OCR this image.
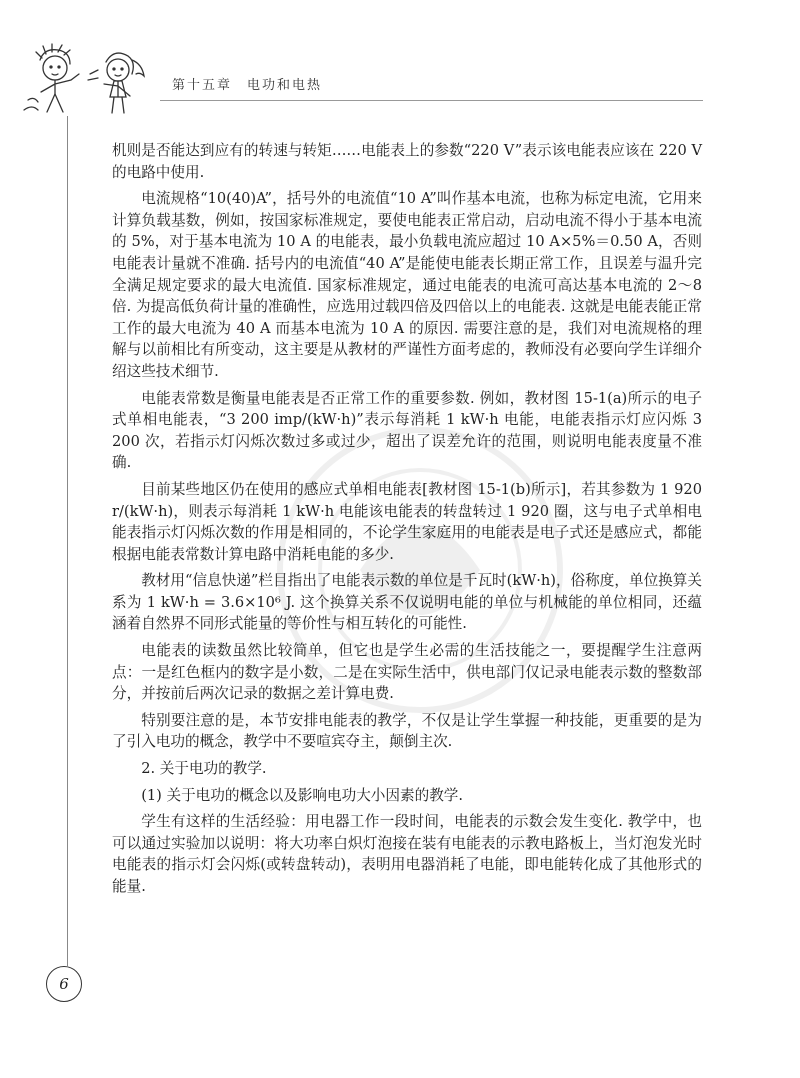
第十五章　电功和电热

机则是否能达到应有的转速与转矩……电能表上的参数“220 V”表示该电能表应该在 220 V 的电路中使用.

电流规格“10(40)A”，括号外的电流值“10 A”叫作基本电流，也称为标定电流，它用来计算负载基数，例如，按国家标准规定，要使电能表正常启动，启动电流不得小于基本电流的 5%，对于基本电流为 10 A 的电能表，最小负载电流应超过 10 A×5%＝0.50 A，否则电能表计量就不准确. 括号内的电流值“40 A”是能使电能表长期正常工作，且误差与温升完全满足规定要求的最大电流值. 国家标准规定，通过电能表的电流可高达基本电流的 2～8 倍. 为提高低负荷计量的准确性，应选用过载四倍及四倍以上的电能表. 这就是电能表能正常工作的最大电流为 40 A 而基本电流为 10 A 的原因. 需要注意的是，我们对电流规格的理解与以前相比有所变动，这主要是从教材的严谨性方面考虑的，教师没有必要向学生详细介绍这些技术细节.

电能表常数是衡量电能表是否正常工作的重要参数. 例如，教材图 15-1(a)所示的电子式单相电能表，“3 200 imp/(kW·h)”表示每消耗 1 kW·h 电能，电能表指示灯应闪烁 3 200 次，若指示灯闪烁次数过多或过少，超出了误差允许的范围，则说明电能表度量不准确.

目前某些地区仍在使用的感应式单相电能表[教材图 15-1(b)所示]，若其参数为 1 920 r/(kW·h)，则表示每消耗 1 kW·h 电能该电能表的转盘转过 1 920 圈，这与电子式单相电能表指示灯闪烁次数的作用是相同的，不论学生家庭用的电能表是电子式还是感应式，都能根据电能表常数计算电路中消耗电能的多少.

教材用“信息快递”栏目指出了电能表示数的单位是千瓦时(kW·h)，俗称度，单位换算关系为 1 kW·h = 3.6×10⁶ J. 这个换算关系不仅说明电能的单位与机械能的单位相同，还蕴涵着自然界不同形式能量的等价性与相互转化的可能性.

电能表的读数虽然比较简单，但它也是学生必需的生活技能之一，要提醒学生注意两点：一是红色框内的数字是小数，二是在实际生活中，供电部门仅记录电能表示数的整数部分，并按前后两次记录的数据之差计算电费.

特别要注意的是，本节安排电能表的教学，不仅是让学生掌握一种技能，更重要的是为了引入电功的概念，教学中不要喧宾夺主，颠倒主次.

2. 关于电功的教学.

(1) 关于电功的概念以及影响电功大小因素的教学.

学生有这样的生活经验：用电器工作一段时间，电能表的示数会发生变化. 教学中，也可以通过实验加以说明：将大功率白炽灯泡接在装有电能表的示教电路板上，当灯泡发光时电能表的指示灯会闪烁(或转盘转动)，表明用电器消耗了电能，即电能转化成了其他形式的能量.

6
